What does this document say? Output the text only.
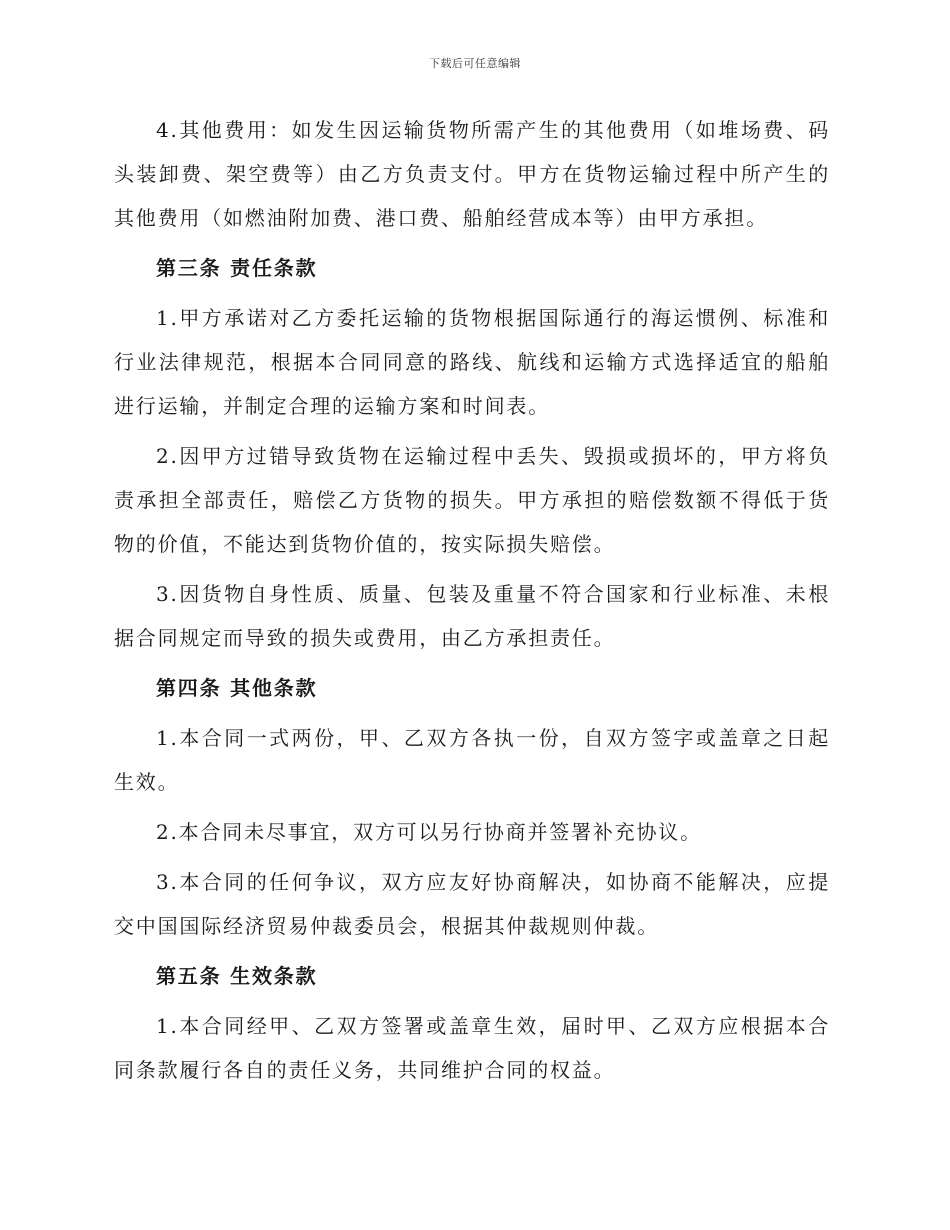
下载后可任意编辑

4.其他费用：如发生因运输货物所需产生的其他费用（如堆场费、码头装卸费、架空费等）由乙方负责支付。甲方在货物运输过程中所产生的其他费用（如燃油附加费、港口费、船舶经营成本等）由甲方承担。

第三条 责任条款

1.甲方承诺对乙方委托运输的货物根据国际通行的海运惯例、标准和行业法律规范，根据本合同同意的路线、航线和运输方式选择适宜的船舶进行运输，并制定合理的运输方案和时间表。

2.因甲方过错导致货物在运输过程中丢失、毁损或损坏的，甲方将负责承担全部责任，赔偿乙方货物的损失。甲方承担的赔偿数额不得低于货物的价值，不能达到货物价值的，按实际损失赔偿。

3.因货物自身性质、质量、包装及重量不符合国家和行业标准、未根据合同规定而导致的损失或费用，由乙方承担责任。

第四条 其他条款

1.本合同一式两份，甲、乙双方各执一份，自双方签字或盖章之日起生效。

2.本合同未尽事宜，双方可以另行协商并签署补充协议。

3.本合同的任何争议，双方应友好协商解决，如协商不能解决，应提交中国国际经济贸易仲裁委员会，根据其仲裁规则仲裁。

第五条 生效条款

1.本合同经甲、乙双方签署或盖章生效，届时甲、乙双方应根据本合同条款履行各自的责任义务，共同维护合同的权益。
